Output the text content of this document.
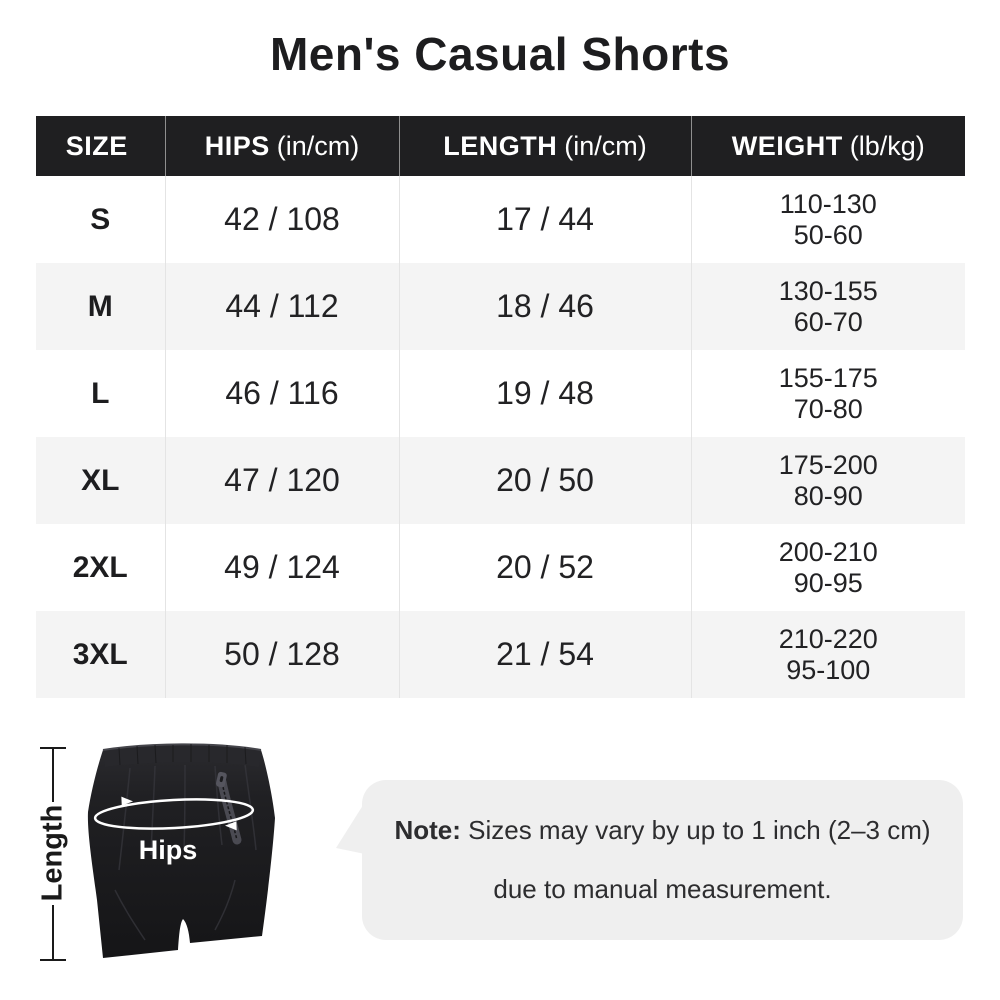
Men's Casual Shorts
SIZE	HIPS (in/cm)	LENGTH (in/cm)	WEIGHT (lb/kg)
S	42 / 108	17 / 44	110-130
50-60

M	44 / 112	18 / 46	130-155
60-70

L	46 / 116	19 / 48	155-175
70-80

XL	47 / 120	20 / 50	175-200
80-90

2XL	49 / 124	20 / 52	200-210
90-95

3XL	50 / 128	21 / 54	210-220
95-100
Length	Hips
Note: Sizes may vary by up to 1 inch (2–3 cm)
due to manual measurement.
